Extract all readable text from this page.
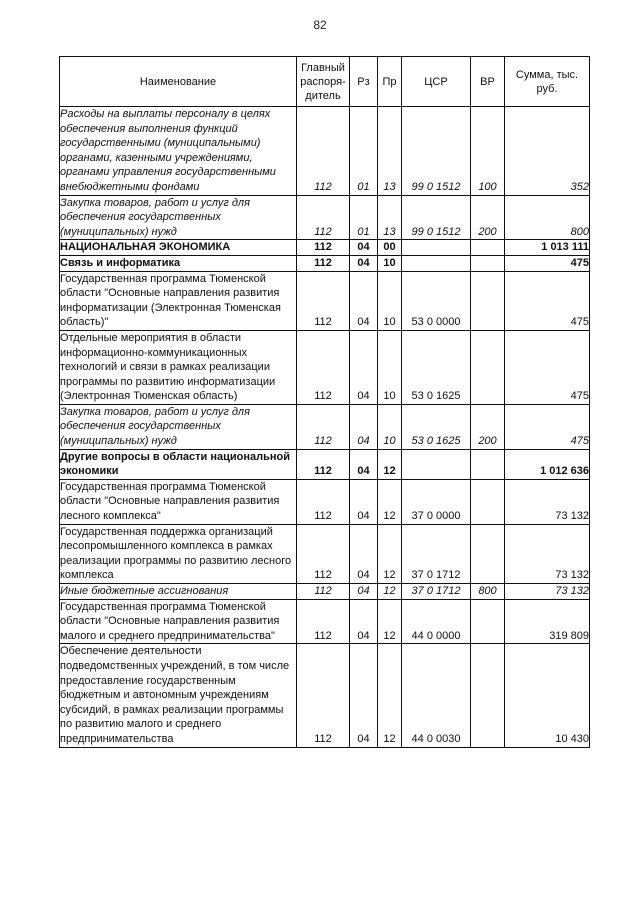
82
Наименование	Главный распоря-дитель	Рз	Пр	ЦСР	ВР	Сумма, тыс. руб.
Расходы на выплаты персоналу в целях обеспечения выполнения функций государственными (муниципальными) органами, казенными учреждениями, органами управления государственными внебюджетными фондами	112	01	13	99 0 1512	100	352
Закупка товаров, работ и услуг для обеспечения государственных (муниципальных) нужд	112	01	13	99 0 1512	200	800
НАЦИОНАЛЬНАЯ ЭКОНОМИКА	112	04	00			1 013 111
Связь и информатика	112	04	10			475
Государственная программа Тюменской области "Основные направления развития информатизации (Электронная Тюменская область)"	112	04	10	53 0 0000		475
Отдельные мероприятия в области информационно-коммуникационных технологий и связи в рамках реализации программы по развитию информатизации (Электронная Тюменская область)	112	04	10	53 0 1625		475
Закупка товаров, работ и услуг для обеспечения государственных (муниципальных) нужд	112	04	10	53 0 1625	200	475
Другие вопросы в области национальной экономики	112	04	12			1 012 636
Государственная программа Тюменской области "Основные направления развития лесного комплекса"	112	04	12	37 0 0000		73 132
Государственная поддержка организаций лесопромышленного комплекса в рамках реализации программы по развитию лесного комплекса	112	04	12	37 0 1712		73 132
Иные бюджетные ассигнования	112	04	12	37 0 1712	800	73 132
Государственная программа Тюменской области "Основные направления развития малого и среднего предпринимательства"	112	04	12	44 0 0000		319 809
Обеспечение деятельности подведомственных учреждений, в том числе предоставление государственным бюджетным и автономным учреждениям субсидий, в рамках реализации программы по развитию малого и среднего предпринимательства	112	04	12	44 0 0030		10 430
